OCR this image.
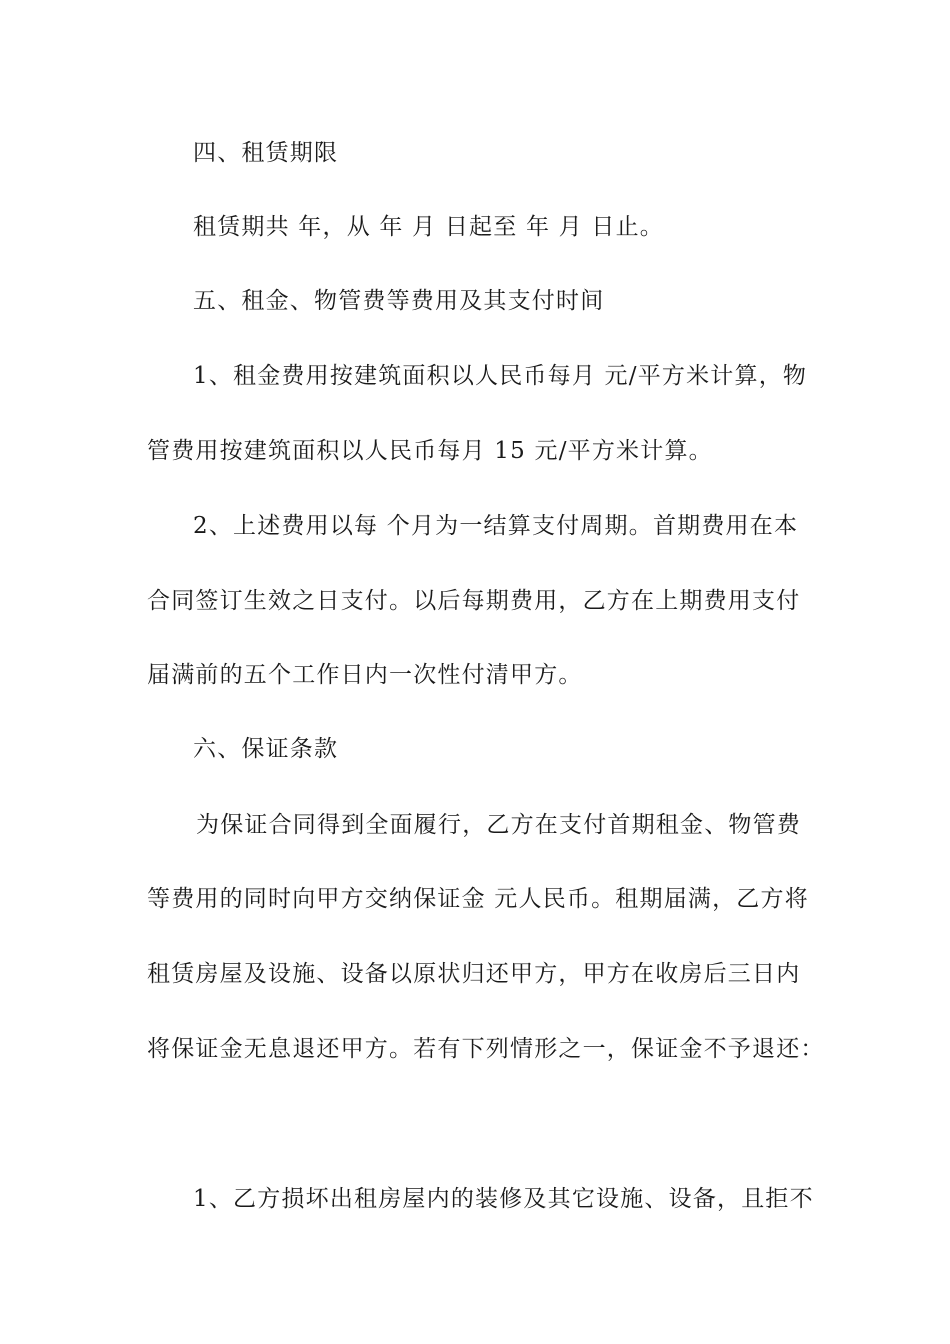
四、租赁期限
租赁期共 年，从 年 月 日起至 年 月 日止。
五、租金、物管费等费用及其支付时间
1、租金费用按建筑面积以人民币每月 元/平方米计算，物
管费用按建筑面积以人民币每月 15 元/平方米计算。
2、上述费用以每 个月为一结算支付周期。首期费用在本
合同签订生效之日支付。以后每期费用，乙方在上期费用支付
届满前的五个工作日内一次性付清甲方。
六、保证条款
为保证合同得到全面履行，乙方在支付首期租金、物管费
等费用的同时向甲方交纳保证金 元人民币。租期届满，乙方将
租赁房屋及设施、设备以原状归还甲方，甲方在收房后三日内
将保证金无息退还甲方。若有下列情形之一，保证金不予退还：
1、乙方损坏出租房屋内的装修及其它设施、设备，且拒不
